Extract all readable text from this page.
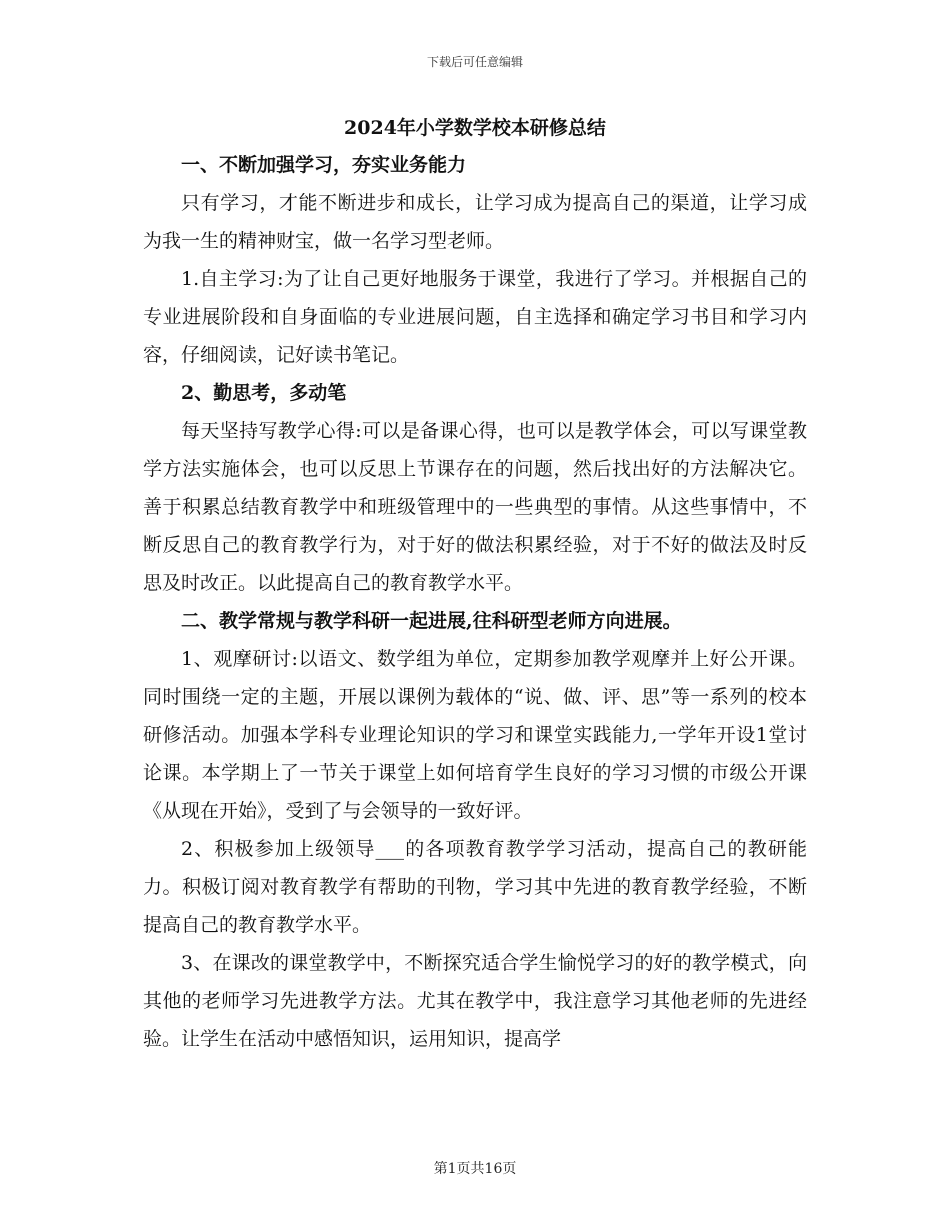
下载后可任意编辑
2024年小学数学校本研修总结

一、不断加强学习，夯实业务能力

只有学习，才能不断进步和成长，让学习成为提高自己的渠道，让学习成为我一生的精神财宝，做一名学习型老师。

1.自主学习:为了让自己更好地服务于课堂，我进行了学习。并根据自己的专业进展阶段和自身面临的专业进展问题，自主选择和确定学习书目和学习内容，仔细阅读，记好读书笔记。

2、勤思考，多动笔

每天坚持写教学心得:可以是备课心得，也可以是教学体会，可以写课堂教学方法实施体会，也可以反思上节课存在的问题，然后找出好的方法解决它。善于积累总结教育教学中和班级管理中的一些典型的事情。从这些事情中，不断反思自己的教育教学行为，对于好的做法积累经验，对于不好的做法及时反思及时改正。以此提高自己的教育教学水平。

二、教学常规与教学科研一起进展,往科研型老师方向进展。

1、观摩研讨:以语文、数学组为单位，定期参加教学观摩并上好公开课。同时围绕一定的主题，开展以课例为载体的“说、做、评、思”等一系列的校本研修活动。加强本学科专业理论知识的学习和课堂实践能力,一学年开设1堂讨论课。本学期上了一节关于课堂上如何培育学生良好的学习习惯的市级公开课《从现在开始》，受到了与会领导的一致好评。

2、积极参加上级领导___的各项教育教学学习活动，提高自己的教研能力。积极订阅对教育教学有帮助的刊物，学习其中先进的教育教学经验，不断提高自己的教育教学水平。

3、在课改的课堂教学中，不断探究适合学生愉悦学习的好的教学模式，向其他的老师学习先进教学方法。尤其在教学中，我注意学习其他老师的先进经验。让学生在活动中感悟知识，运用知识，提高学

第1页共16页
